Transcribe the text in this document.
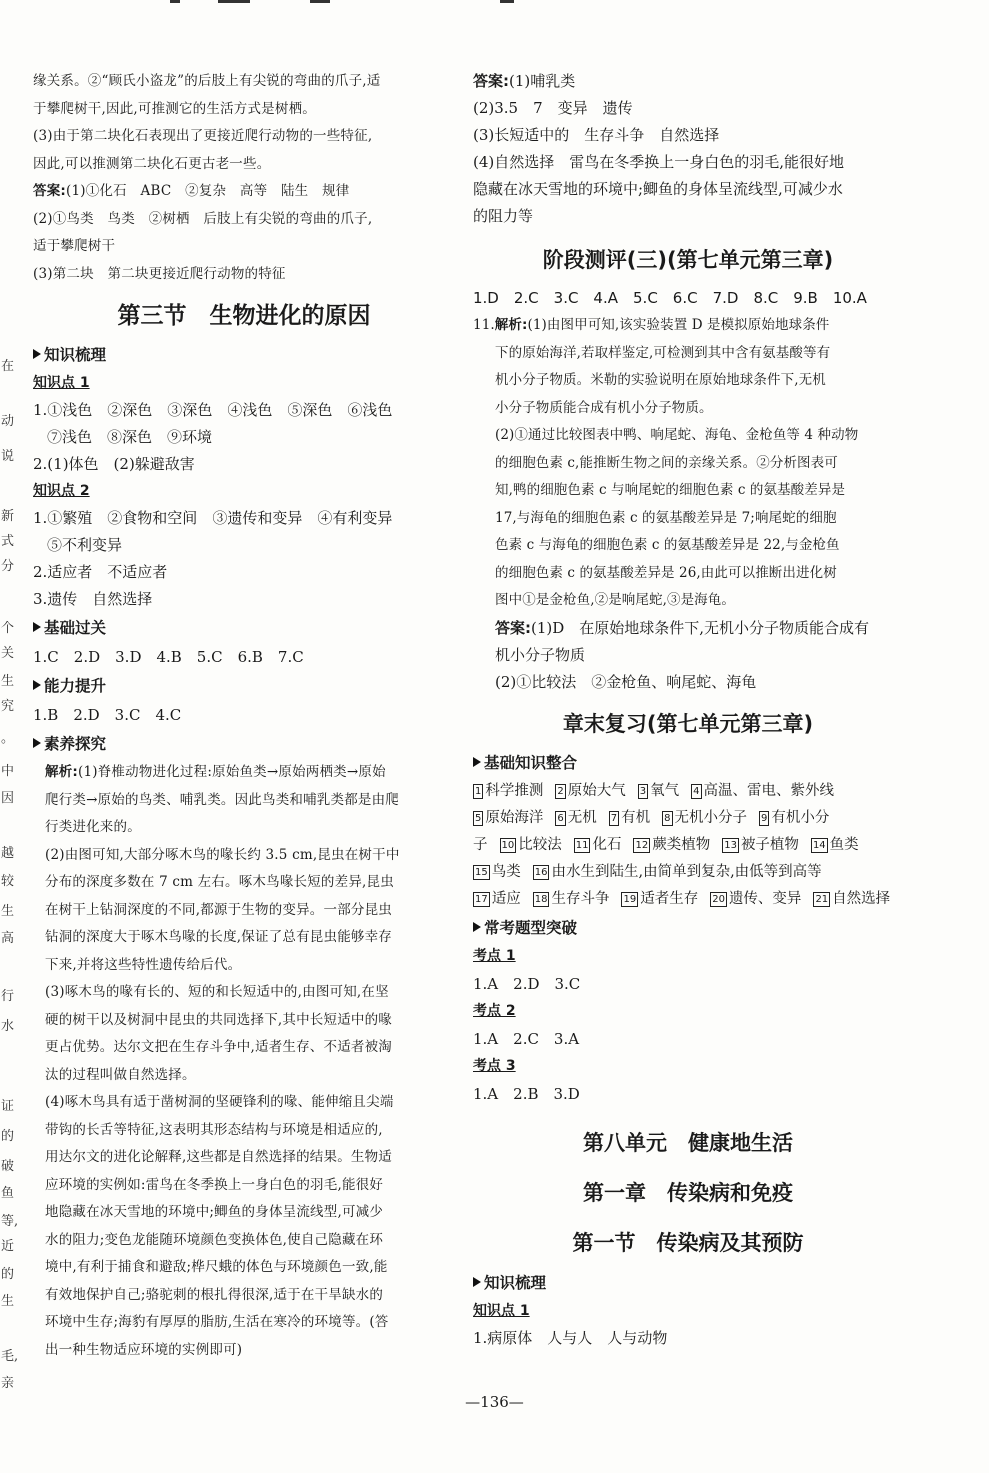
在
动
说
新
式
分
个
关
生
究
。
中
因
越
较
生
高
行
水
证
的
破
鱼
等,
近
的
生
毛,
亲
缘关系。②“顾氏小盗龙”的后肢上有尖锐的弯曲的爪子,适
于攀爬树干,因此,可推测它的生活方式是树栖。
(3)由于第二块化石表现出了更接近爬行动物的一些特征,
因此,可以推测第二块化石更古老一些。
答案:(1)①化石　ABC　②复杂　高等　陆生　规律
(2)①鸟类　鸟类　②树栖　后肢上有尖锐的弯曲的爪子,
适于攀爬树干
(3)第二块　第二块更接近爬行动物的特征
第三节　生物进化的原因
知识梳理
知识点 1
1.①浅色　②深色　③深色　④浅色　⑤深色　⑥浅色
⑦浅色　⑧深色　⑨环境
2.(1)体色　(2)躲避敌害
知识点 2
1.①繁殖　②食物和空间　③遗传和变异　④有利变异
⑤不利变异
2.适应者　不适应者
3.遗传　自然选择
基础过关
1.C　2.D　3.D　4.B　5.C　6.B　7.C
能力提升
1.B　2.D　3.C　4.C
素养探究
解析:(1)脊椎动物进化过程:原始鱼类→原始两栖类→原始
爬行类→原始的鸟类、哺乳类。因此鸟类和哺乳类都是由爬
行类进化来的。
(2)由图可知,大部分啄木鸟的喙长约 3.5 cm,昆虫在树干中
分布的深度多数在 7 cm 左右。啄木鸟喙长短的差异,昆虫
在树干上钻洞深度的不同,都源于生物的变异。一部分昆虫
钻洞的深度大于啄木鸟喙的长度,保证了总有昆虫能够幸存
下来,并将这些特性遗传给后代。
(3)啄木鸟的喙有长的、短的和长短适中的,由图可知,在坚
硬的树干以及树洞中昆虫的共同选择下,其中长短适中的喙
更占优势。达尔文把在生存斗争中,适者生存、不适者被淘
汰的过程叫做自然选择。
(4)啄木鸟具有适于凿树洞的坚硬锋利的喙、能伸缩且尖端
带钩的长舌等特征,这表明其形态结构与环境是相适应的,
用达尔文的进化论解释,这些都是自然选择的结果。生物适
应环境的实例如:雷鸟在冬季换上一身白色的羽毛,能很好
地隐藏在冰天雪地的环境中;鲫鱼的身体呈流线型,可减少
水的阻力;变色龙能随环境颜色变换体色,使自己隐藏在环
境中,有利于捕食和避敌;桦尺蛾的体色与环境颜色一致,能
有效地保护自己;骆驼刺的根扎得很深,适于在干旱缺水的
环境中生存;海豹有厚厚的脂肪,生活在寒冷的环境等。(答
出一种生物适应环境的实例即可)
答案:(1)哺乳类
(2)3.5　7　变异　遗传
(3)长短适中的　生存斗争　自然选择
(4)自然选择　雷鸟在冬季换上一身白色的羽毛,能很好地
隐藏在冰天雪地的环境中;鲫鱼的身体呈流线型,可减少水
的阻力等
阶段测评(三)(第七单元第三章)
1.D　2.C　3.C　4.A　5.C　6.C　7.D　8.C　9.B　10.A
11.解析:(1)由图甲可知,该实验装置 D 是模拟原始地球条件
下的原始海洋,若取样鉴定,可检测到其中含有氨基酸等有
机小分子物质。米勒的实验说明在原始地球条件下,无机
小分子物质能合成有机小分子物质。
(2)①通过比较图表中鸭、响尾蛇、海龟、金枪鱼等 4 种动物
的细胞色素 c,能推断生物之间的亲缘关系。②分析图表可
知,鸭的细胞色素 c 与响尾蛇的细胞色素 c 的氨基酸差异是
17,与海龟的细胞色素 c 的氨基酸差异是 7;响尾蛇的细胞
色素 c 与海龟的细胞色素 c 的氨基酸差异是 22,与金枪鱼
的细胞色素 c 的氨基酸差异是 26,由此可以推断出进化树
图中①是金枪鱼,②是响尾蛇,③是海龟。
答案:(1)D　在原始地球条件下,无机小分子物质能合成有
机小分子物质
(2)①比较法　②金枪鱼、响尾蛇、海龟
章末复习(第七单元第三章)
基础知识整合
1 科学推测 2 原始大气 3 氧气 4 高温、雷电、紫外线
5 原始海洋 6 无机 7 有机 8 无机小分子 9 有机小分
子 10 比较法 11 化石 12 蕨类植物 13 被子植物 14 鱼类
15 鸟类 16 由水生到陆生,由简单到复杂,由低等到高等
17 适应 18 生存斗争 19 适者生存 20 遗传、变异 21 自然选择
常考题型突破
考点 1
1.A　2.D　3.C
考点 2
1.A　2.C　3.A
考点 3
1.A　2.B　3.D
第八单元　健康地生活
第一章　传染病和免疫
第一节　传染病及其预防
知识梳理
知识点 1
1.病原体　人与人　人与动物
—136—
